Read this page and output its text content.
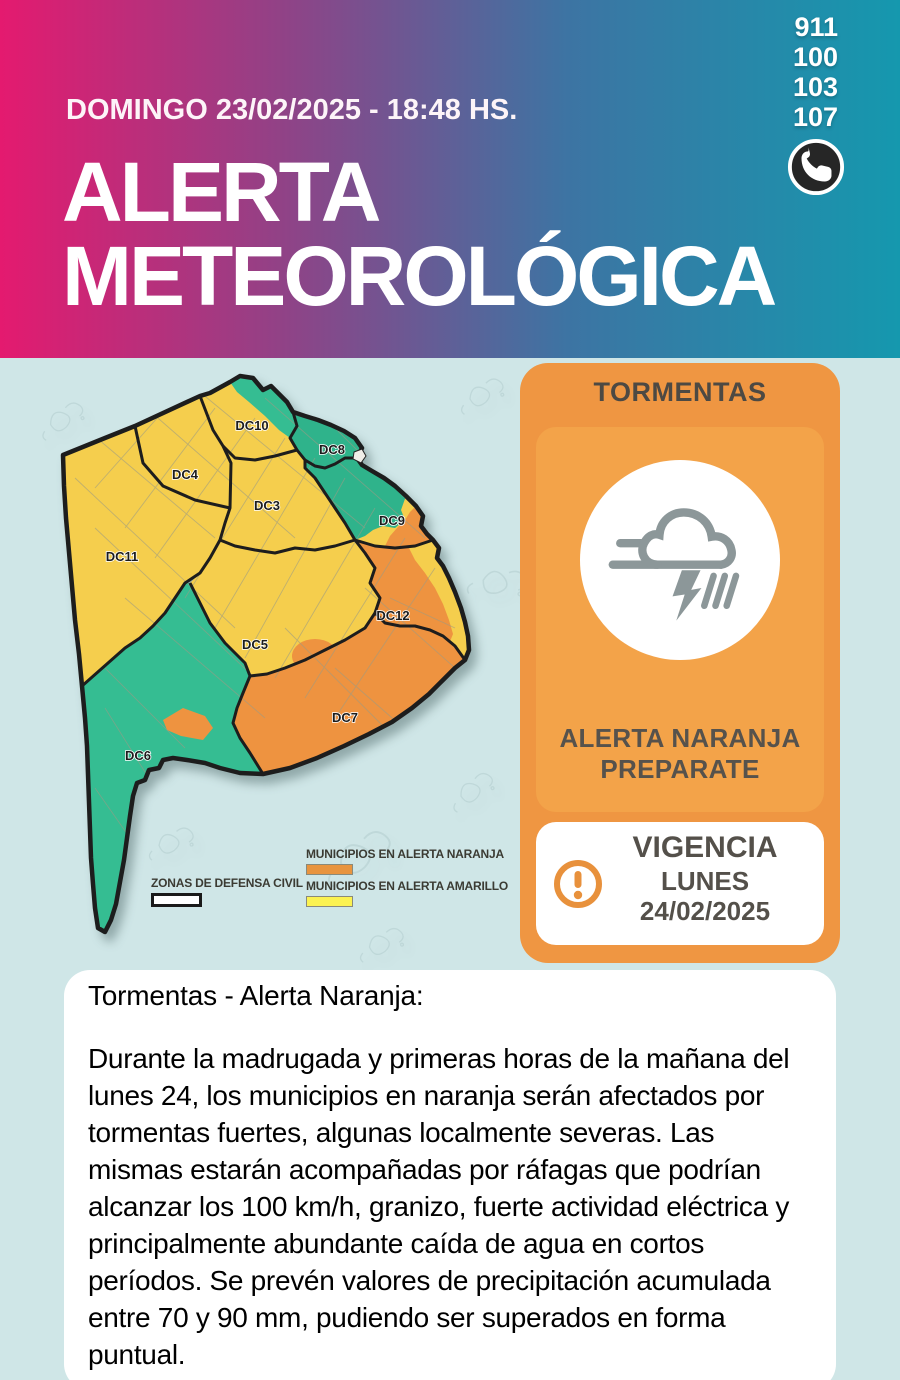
DOMINGO 23/02/2025 - 18:48 HS.
ALERTA
METEOROLÓGICA
911
100
103
107
DC10
DC8
DC4
DC3
DC9
DC11
DC5
DC12
DC7
DC6
MUNICIPIOS EN ALERTA NARANJA
ZONAS DE DEFENSA CIVIL MUNICIPIOS EN ALERTA AMARILLO
TORMENTAS
ALERTA NARANJA
PREPARATE
VIGENCIA
LUNES
24/02/2025
Tormentas - Alerta Naranja:
Durante la madrugada y primeras horas de la mañana del lunes 24, los municipios en naranja serán afectados por tormentas fuertes, algunas localmente severas. Las mismas estarán acompañadas por ráfagas que podrían alcanzar los 100 km/h, granizo, fuerte actividad eléctrica y principalmente abundante caída de agua en cortos períodos. Se prevén valores de precipitación acumulada entre 70 y 90 mm, pudiendo ser superados en forma puntual.
